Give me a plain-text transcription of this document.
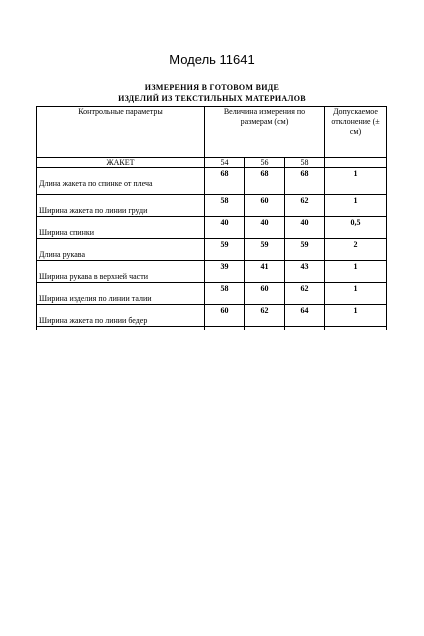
Модель 11641
ИЗМЕРЕНИЯ В ГОТОВОМ ВИДЕ
ИЗДЕЛИЙ ИЗ ТЕКСТИЛЬНЫХ МАТЕРИАЛОВ
Контрольные параметры	Величина измерения по размерам (см)			Допускаемое отклонение (± см)
ЖАКЕТ	54	56	58	
Длина жакета по спинке от плеча	68	68	68	1
Ширина жакета по линии груди	58	60	62	1
Ширина спинки	40	40	40	0,5
Длина рукава	59	59	59	2
Ширина рукава в верхней части	39	41	43	1
Ширина изделия по линии талии	58	60	62	1
Ширина жакета по линии бедер	60	62	64	1
